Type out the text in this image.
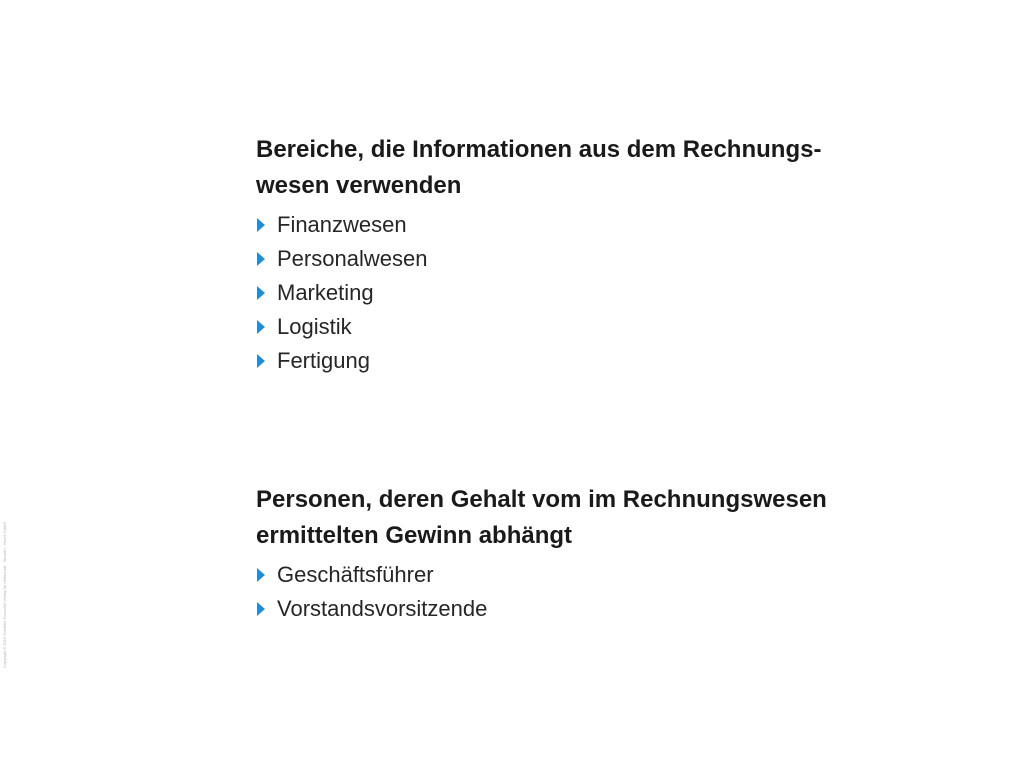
Copyright © 2015 Schäffer-Poeschel Verlag für Wirtschaft · Steuern · Recht GmbH
Bereiche, die Informationen aus dem Rechnungs-
wesen verwenden
Finanzwesen
Personalwesen
Marketing
Logistik
Fertigung
Personen, deren Gehalt vom im Rechnungswesen
ermittelten Gewinn abhängt
Geschäftsführer
Vorstandsvorsitzende
